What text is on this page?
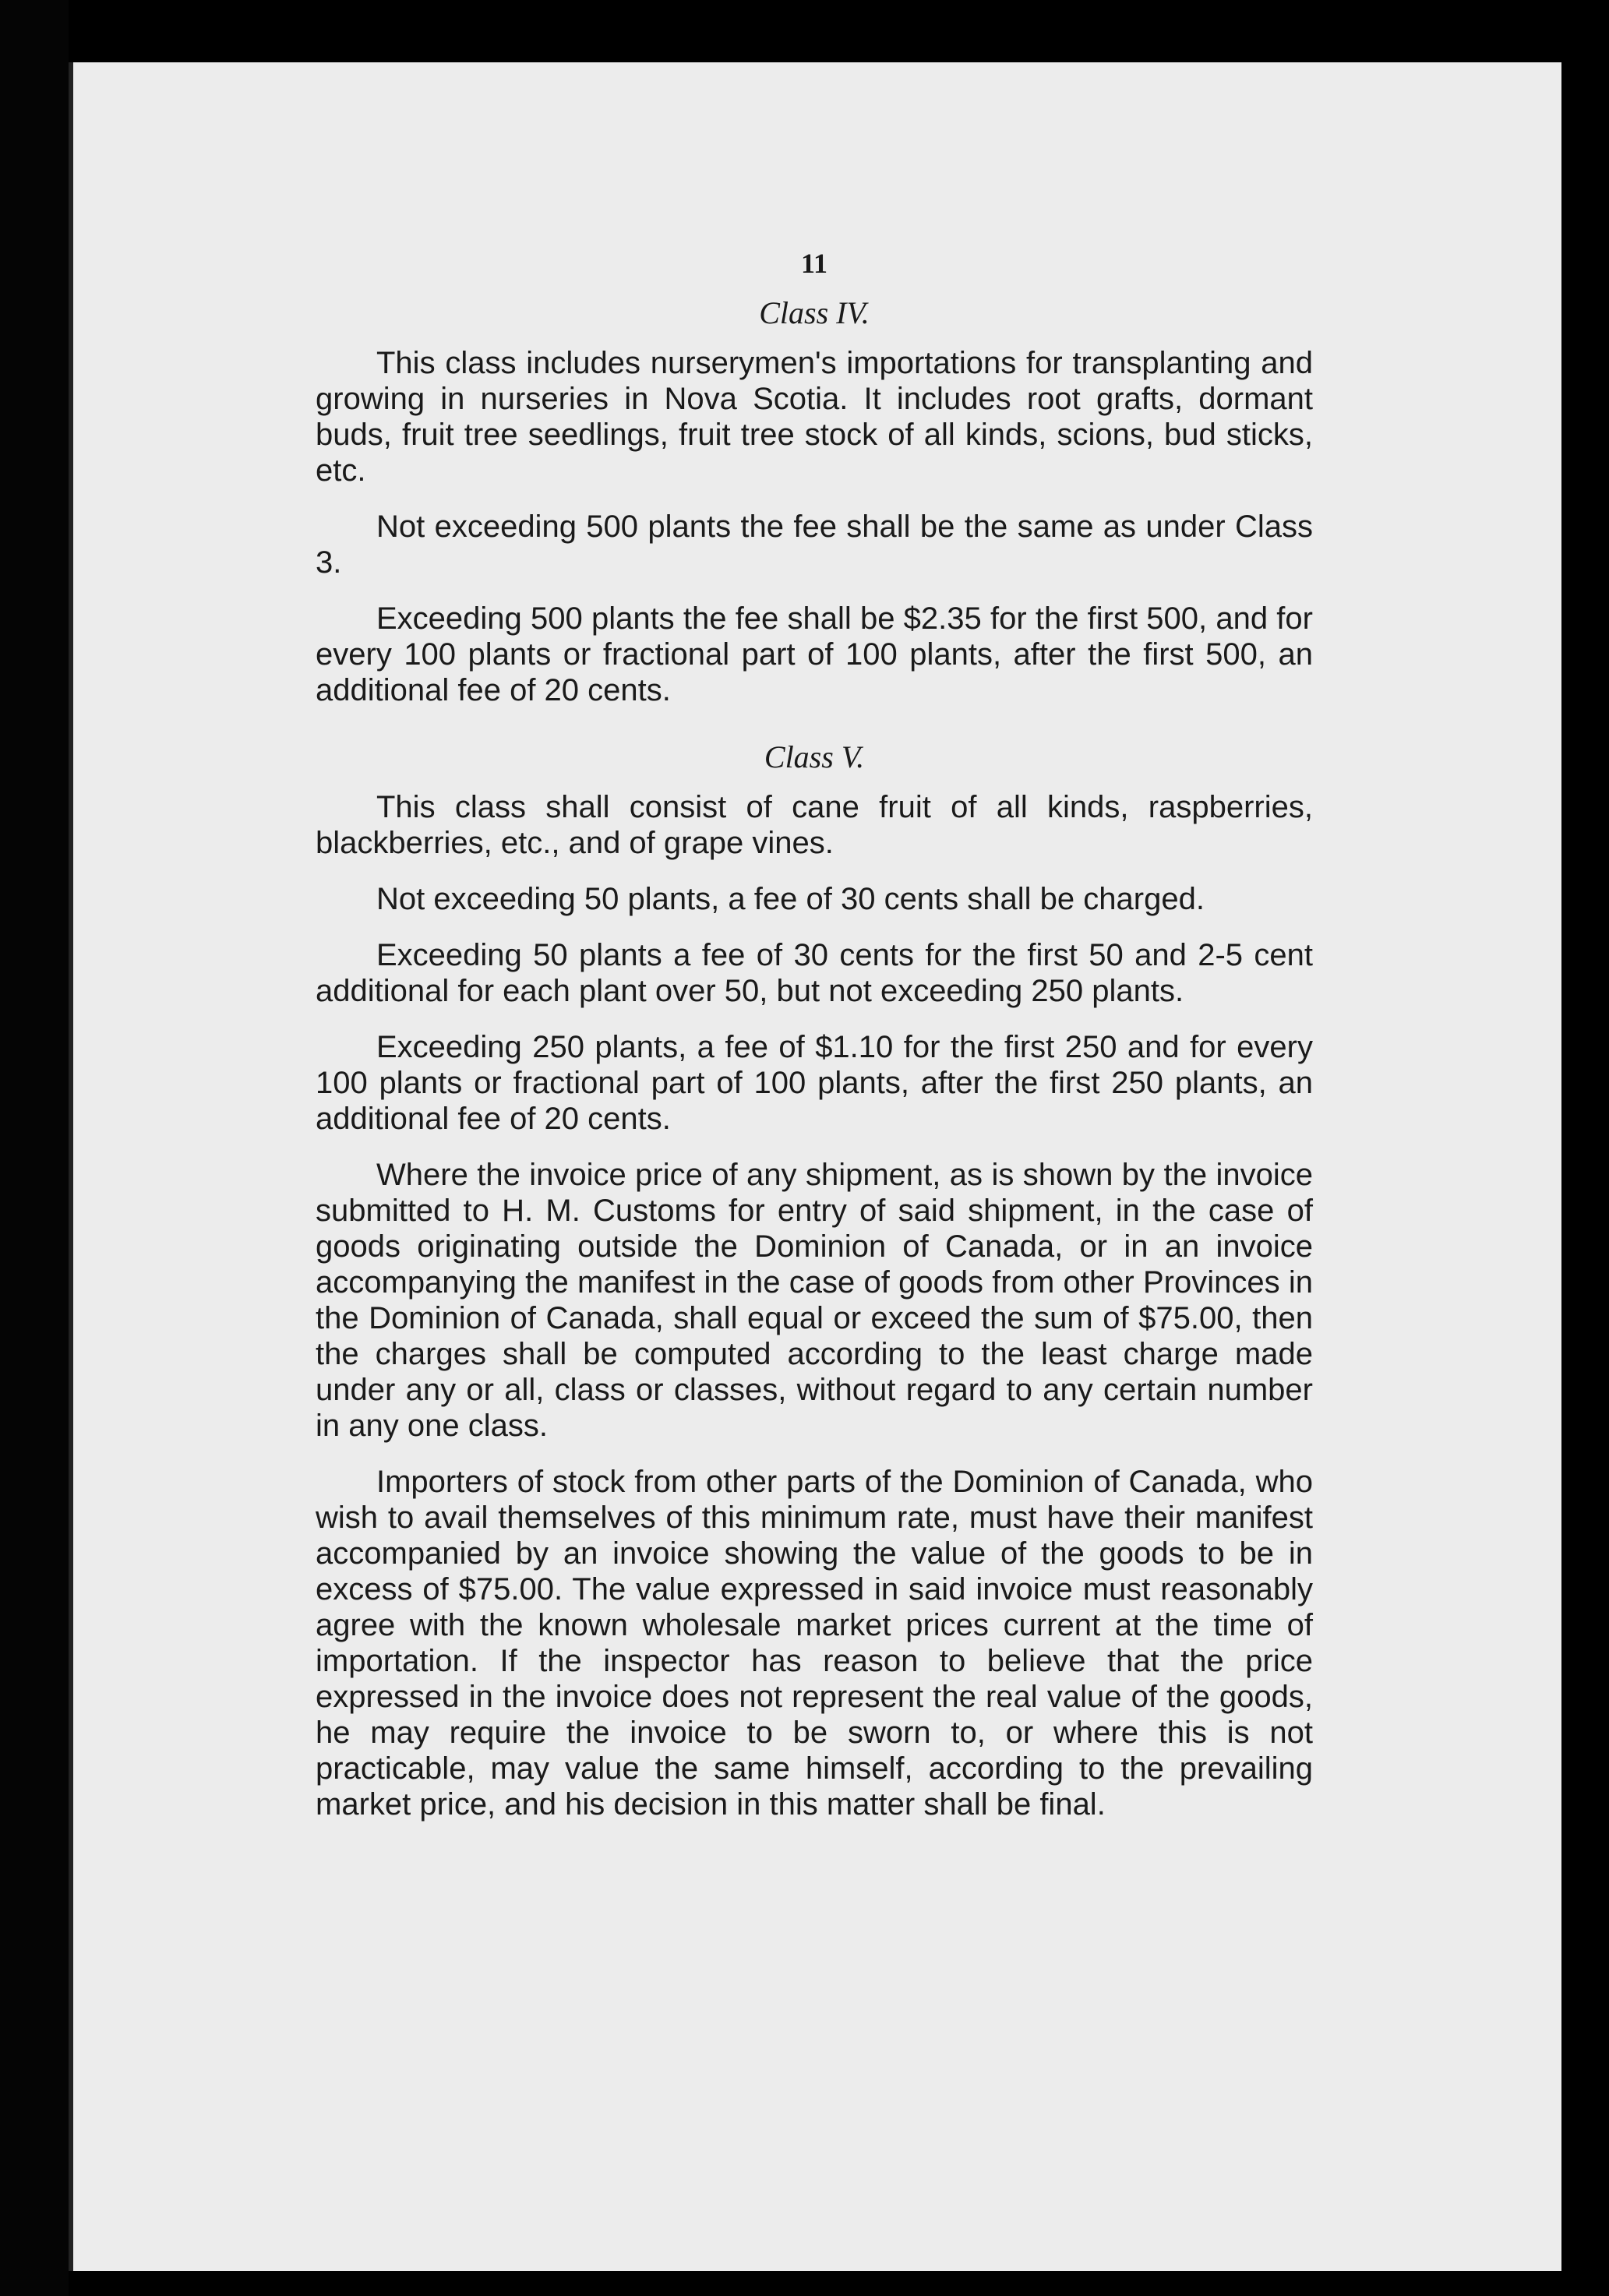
11
Class IV.

This class includes nurserymen's importations for transplanting and growing in nurseries in Nova Scotia. It includes root grafts, dormant buds, fruit tree seedlings, fruit tree stock of all kinds, scions, bud sticks, etc.

Not exceeding 500 plants the fee shall be the same as under Class 3.

Exceeding 500 plants the fee shall be $2.35 for the first 500, and for every 100 plants or fractional part of 100 plants, after the first 500, an additional fee of 20 cents.

Class V.

This class shall consist of cane fruit of all kinds, raspberries, blackberries, etc., and of grape vines.

Not exceeding 50 plants, a fee of 30 cents shall be charged.

Exceeding 50 plants a fee of 30 cents for the first 50 and 2-5 cent additional for each plant over 50, but not exceeding 250 plants.

Exceeding 250 plants, a fee of $1.10 for the first 250 and for every 100 plants or fractional part of 100 plants, after the first 250 plants, an additional fee of 20 cents.

Where the invoice price of any shipment, as is shown by the invoice submitted to H. M. Customs for entry of said shipment, in the case of goods originating outside the Dominion of Canada, or in an invoice accompanying the manifest in the case of goods from other Provinces in the Dominion of Canada, shall equal or exceed the sum of $75.00, then the charges shall be computed according to the least charge made under any or all, class or classes, without regard to any certain number in any one class.

Importers of stock from other parts of the Dominion of Canada, who wish to avail themselves of this minimum rate, must have their manifest accompanied by an invoice showing the value of the goods to be in excess of $75.00. The value expressed in said invoice must reasonably agree with the known wholesale market prices current at the time of importation. If the inspector has reason to believe that the price expressed in the invoice does not represent the real value of the goods, he may require the invoice to be sworn to, or where this is not practicable, may value the same himself, according to the prevailing market price, and his decision in this matter shall be final.
